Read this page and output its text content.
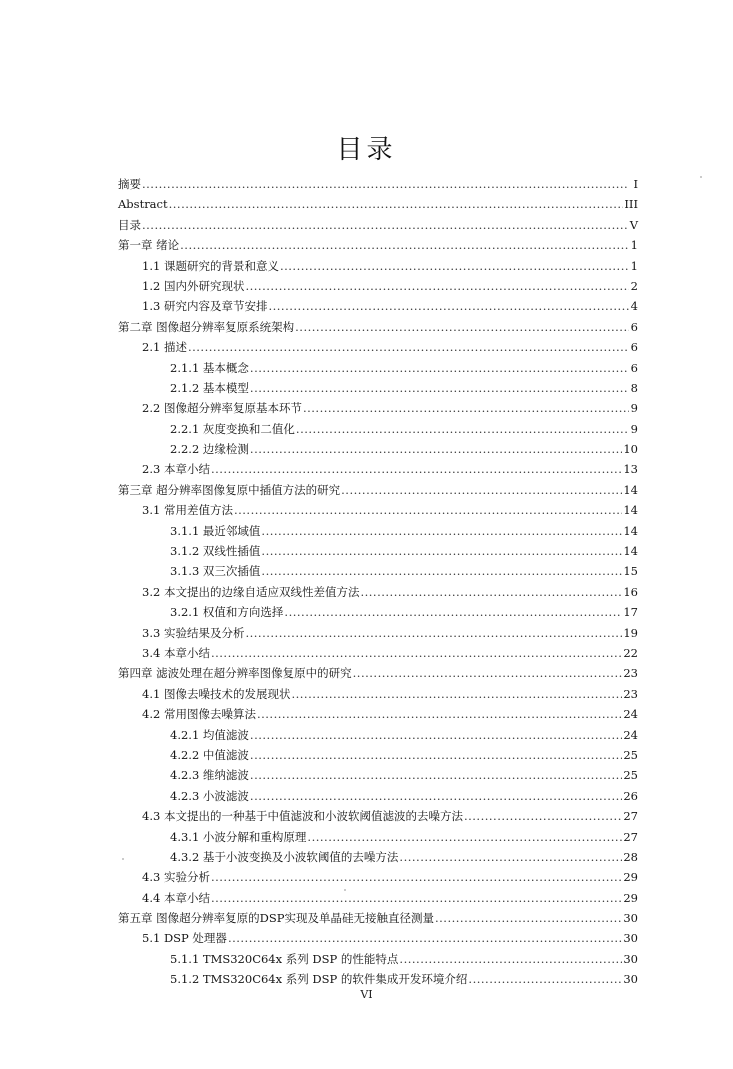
目录
摘要 .....	I
Abstract .....	III
目录 .....	V
第一章 绪论 .....	1
1.1 课题研究的背景和意义 .....	1
1.2 国内外研究现状 .....	2
1.3 研究内容及章节安排 .....	4
第二章 图像超分辨率复原系统架构 .....	6
2.1 描述 .....	6
2.1.1 基本概念 .....	6
2.1.2 基本模型 .....	8
2.2 图像超分辨率复原基本环节 .....	9
2.2.1 灰度变换和二值化 .....	9
2.2.2 边缘检测 .....	10
2.3 本章小结 .....	13
第三章 超分辨率图像复原中插值方法的研究 .....	14
3.1 常用差值方法 .....	14
3.1.1 最近邻域值 .....	14
3.1.2 双线性插值 .....	14
3.1.3 双三次插值 .....	15
3.2 本文提出的边缘自适应双线性差值方法 .....	16
3.2.1 权值和方向选择 .....	17
3.3 实验结果及分析 .....	19
3.4 本章小结 .....	22
第四章 滤波处理在超分辨率图像复原中的研究 .....	23
4.1 图像去噪技术的发展现状 .....	23
4.2 常用图像去噪算法 .....	24
4.2.1 均值滤波 .....	24
4.2.2 中值滤波 .....	25
4.2.3 维纳滤波 .....	25
4.2.3 小波滤波 .....	26
4.3 本文提出的一种基于中值滤波和小波软阈值滤波的去噪方法 .....	27
4.3.1 小波分解和重构原理 .....	27
4.3.2 基于小波变换及小波软阈值的去噪方法 .....	28
4.3 实验分析 .....	29
4.4 本章小结 .....	29
第五章 图像超分辨率复原的DSP实现及单晶硅无接触直径测量 .....	30
5.1 DSP 处理器 .....	30
5.1.1 TMS320C64x 系列 DSP 的性能特点 .....	30
5.1.2 TMS320C64x 系列 DSP 的软件集成开发环境介绍 .....	30
VI
